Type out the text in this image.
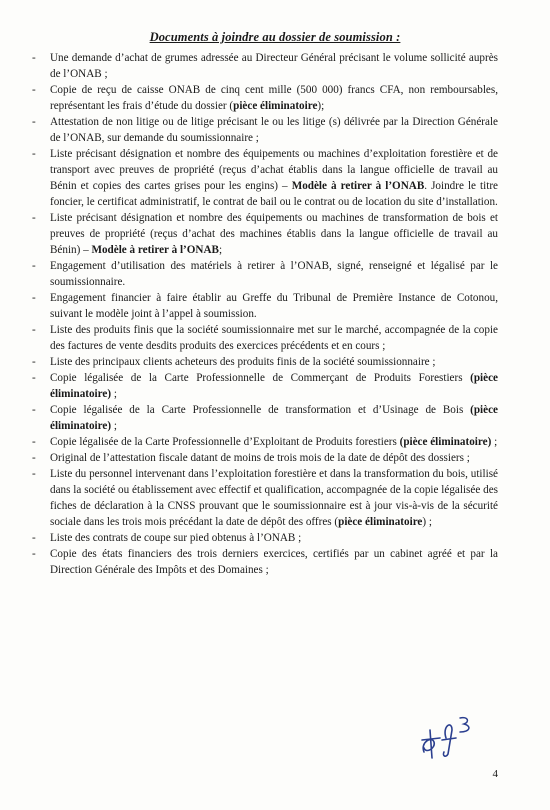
Documents à joindre au dossier de soumission :
- Une demande d’achat de grumes adressée au Directeur Général précisant le volume sollicité auprès de l’ONAB ;
- Copie de reçu de caisse ONAB de cinq cent mille (500 000) francs CFA, non remboursables, représentant les frais d’étude du dossier (pièce éliminatoire);
- Attestation de non litige ou de litige précisant le ou les litige (s) délivrée par la Direction Générale de l’ONAB, sur demande du soumissionnaire ;
- Liste précisant désignation et nombre des équipements ou machines d’exploitation forestière et de transport avec preuves de propriété (reçus d’achat établis dans la langue officielle de travail au Bénin et copies des cartes grises pour les engins) – Modèle à retirer à l’ONAB. Joindre le titre foncier, le certificat administratif, le contrat de bail ou le contrat ou de location du site d’installation.
- Liste précisant désignation et nombre des équipements ou machines de transformation de bois et preuves de propriété (reçus d’achat des machines établis dans la langue officielle de travail au Bénin) – Modèle à retirer à l’ONAB;
- Engagement d’utilisation des matériels à retirer à l’ONAB, signé, renseigné et légalisé par le soumissionnaire.
- Engagement financier à faire établir au Greffe du Tribunal de Première Instance de Cotonou, suivant le modèle joint à l’appel à soumission.
- Liste des produits finis que la société soumissionnaire met sur le marché, accompagnée de la copie des factures de vente desdits produits des exercices précédents et en cours ;
- Liste des principaux clients acheteurs des produits finis de la société soumissionnaire ;
- Copie légalisée de la Carte Professionnelle de Commerçant de Produits Forestiers (pièce éliminatoire) ;
- Copie légalisée de la Carte Professionnelle de transformation et d’Usinage de Bois (pièce éliminatoire) ;
- Copie légalisée de la Carte Professionnelle d’Exploitant de Produits forestiers (pièce éliminatoire) ;
- Original de l’attestation fiscale datant de moins de trois mois de la date de dépôt des dossiers ;
- Liste du personnel intervenant dans l’exploitation forestière et dans la transformation du bois, utilisé dans la société ou établissement avec effectif et qualification, accompagnée de la copie légalisée des fiches de déclaration à la CNSS prouvant que le soumissionnaire est à jour vis-à-vis de la sécurité sociale dans les trois mois précédant la date de dépôt des offres (pièce éliminatoire) ;
- Liste des contrats de coupe sur pied obtenus à l’ONAB ;
- Copie des états financiers des trois derniers exercices, certifiés par un cabinet agréé et par la Direction Générale des Impôts et des Domaines ;
4
